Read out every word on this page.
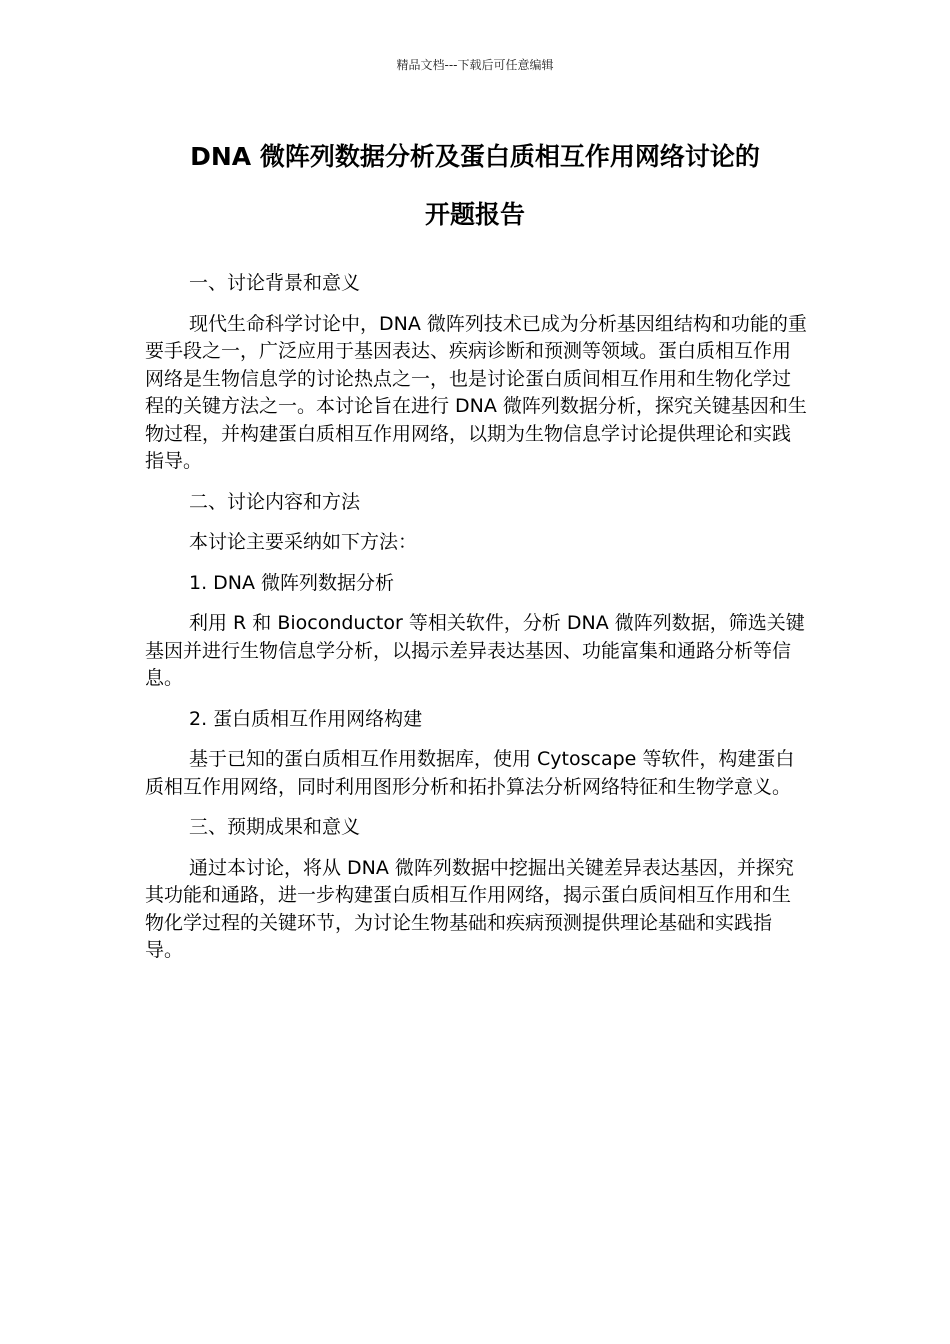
精品文档---下载后可任意编辑
DNA 微阵列数据分析及蛋白质相互作用网络讨论的
开题报告

一、讨论背景和意义

现代生命科学讨论中，DNA 微阵列技术已成为分析基因组结构和功能的重要手段之一，广泛应用于基因表达、疾病诊断和预测等领域。蛋白质相互作用网络是生物信息学的讨论热点之一，也是讨论蛋白质间相互作用和生物化学过程的关键方法之一。本讨论旨在进行 DNA 微阵列数据分析，探究关键基因和生物过程，并构建蛋白质相互作用网络，以期为生物信息学讨论提供理论和实践指导。

二、讨论内容和方法

本讨论主要采纳如下方法：

1. DNA 微阵列数据分析

利用 R 和 Bioconductor 等相关软件，分析 DNA 微阵列数据，筛选关键基因并进行生物信息学分析，以揭示差异表达基因、功能富集和通路分析等信息。

2. 蛋白质相互作用网络构建

基于已知的蛋白质相互作用数据库，使用 Cytoscape 等软件，构建蛋白质相互作用网络，同时利用图形分析和拓扑算法分析网络特征和生物学意义。

三、预期成果和意义

通过本讨论，将从 DNA 微阵列数据中挖掘出关键差异表达基因，并探究其功能和通路，进一步构建蛋白质相互作用网络，揭示蛋白质间相互作用和生物化学过程的关键环节，为讨论生物基础和疾病预测提供理论基础和实践指导。
